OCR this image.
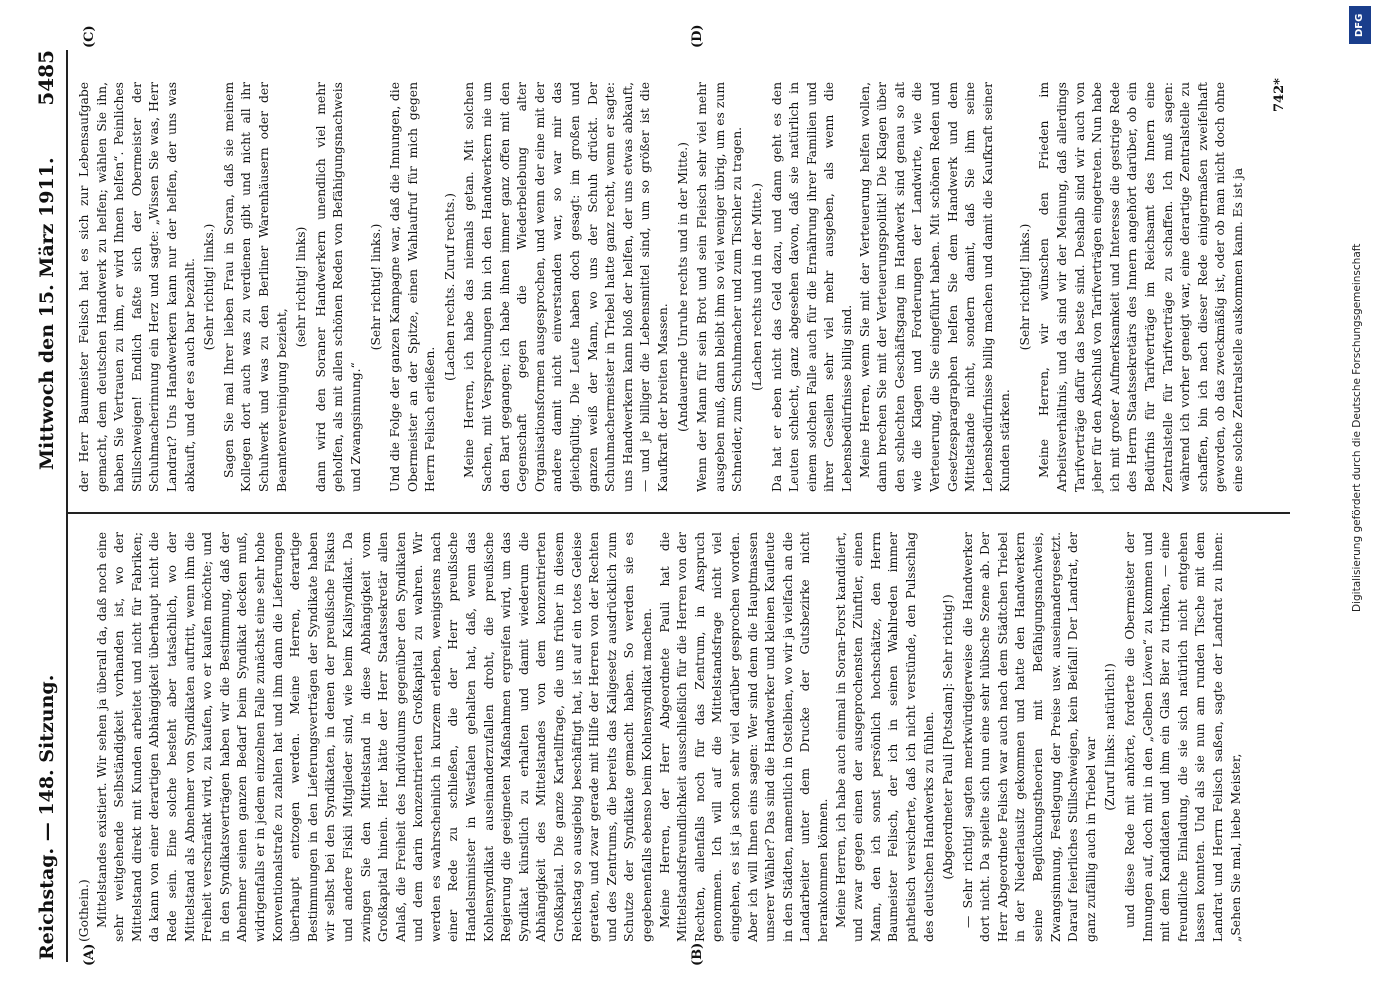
Reichstag. — 148. Sitzung.
Mittwoch den 15. März 1911.
5485
(A)	(B)
(C)	(D)

(Gothein.) Mittelstandes existiert. Wir sehen ja überall da, daß noch eine sehr weitgehende Selbständigkeit vorhanden ist, wo der Mittelstand direkt mit Kunden arbeitet und nicht für Fabriken; da kann von einer derartigen Abhängigkeit überhaupt nicht die Rede sein. Eine solche besteht aber tatsächlich, wo der Mittelstand als Abnehmer von Syndikaten auftritt, wenn ihm die Freiheit verschränkt wird, zu kaufen, wo er kaufen möchte; und in den Syndikatsverträgen haben wir die Bestimmung, daß der Abnehmer seinen ganzen Bedarf beim Syndikat decken muß, widrigenfalls er in jedem einzelnen Falle zunächst eine sehr hohe Konventionalstrafe zu zahlen hat und ihm dann die Lieferungen überhaupt entzogen werden. Meine Herren, derartige Bestimmungen in den Lieferungsverträgen der Syndikate haben wir selbst bei den Syndikaten, in denen der preußische Fiskus und andere Fiskii Mitglieder sind, wie beim Kalisyndikat. Da zwingen Sie den Mittelstand in diese Abhängigkeit vom Großkapital hinein. Hier hätte der Herr Staatssekretär allen Anlaß, die Freiheit des Individuums gegenüber den Syndikaten und dem darin konzentrierten Großkapital zu wahren. Wir werden es wahrscheinlich in kurzem erleben, wenigstens nach einer Rede zu schließen, die der Herr preußische Handelsminister in Westfalen gehalten hat, daß, wenn das Kohlensyndikat auseinanderzufallen droht, die preußische Regierung die geeigneten Maßnahmen ergreifen wird, um das Syndikat künstlich zu erhalten und damit wiederum die Abhängigkeit des Mittelstandes von dem konzentrierten Großkapital. Die ganze Kartellfrage, die uns früher in diesem Reichstag so ausgiebig beschäftigt hat, ist auf ein totes Geleise geraten, und zwar gerade mit Hilfe der Herren von der Rechten und des Zentrums, die bereits das Kaligesetz ausdrücklich zum Schutze der Syndikate gemacht haben. So werden sie es gegebenenfalls ebenso beim Kohlensyndikat machen. Meine Herren, der Herr Abgeordnete Pauli hat die Mittelstandsfreundlichkeit ausschließlich für die Herren von der Rechten, allenfalls noch für das Zentrum, in Anspruch genommen. Ich will auf die Mittelstandsfrage nicht viel eingehen, es ist ja schon sehr viel darüber gesprochen worden. Aber ich will Ihnen eins sagen: Wer sind denn die Hauptmassen unserer Wähler? Das sind die Handwerker und kleinen Kaufleute in den Städten, namentlich in Ostelbien, wo wir ja vielfach an die Landarbeiter unter dem Drucke der Gutsbezirke nicht herankommen können. Meine Herren, ich habe auch einmal in Soran-Forst kandidiert, und zwar gegen einen der ausgeprochensten Zünftler, einen Mann, den ich sonst persönlich hochschätze, den Herrn Baumeister Felisch, der ich in seinen Wahlreden immer pathetisch versicherte, daß ich nicht verstünde, den Pulsschlag des deutschen Handwerks zu fühlen. (Abgeordneter Pauli [Potsdam]: Sehr richtig!) — Sehr richtig! sagten merkwürdigerweise die Handwerker dort nicht. Da spielte sich nun eine sehr hübsche Szene ab. Der Herr Abgeordnete Felisch war auch nach dem Städtchen Triebel in der Niederlausitz gekommen und hatte den Handwerkern seine Beglückungstheorien mit Befähigungsnachweis, Zwangsinnung, Festlegung der Preise usw. auseinandergesetzt. Darauf feierliches Stillschweigen, kein Beifall! Der Landrat, der ganz zufällig auch in Triebel war (Zuruf links: natürlich!) und diese Rede mit anhörte, forderte die Obermeister der Innungen auf, doch mit in den „Gelben Löwen“ zu kommen und mit dem Kandidaten und ihm ein Glas Bier zu trinken, — eine freundliche Einladung, die sie sich natürlich nicht entgehen lassen konnten. Und als sie nun am runden Tische mit dem Landrat und Herrn Felisch saßen, sagte der Landrat zu ihnen: „Sehen Sie mal, liebe Meister,

der Herr Baumeister Felisch hat es sich zur Lebensaufgabe gemacht, dem deutschen Handwerk zu helfen; wählen Sie ihn, haben Sie Vertrauen zu ihm, er wird Ihnen helfen“. Peinliches Stillschweigen! Endlich faßte sich der Obermeister der Schuhmacherinnung ein Herz und sagte: „Wissen Sie was, Herr Landrat? Uns Handwerkern kann nur der helfen, der uns was abkauft, und der es auch bar bezahlt. (Sehr richtig! links.) Sagen Sie mal Ihrer lieben Frau in Soran, daß sie meinem Kollegen dort auch was zu verdienen gibt und nicht all ihr Schuhwerk und was zu den Berliner Warenhäusern oder der Beamtenvereinigung bezieht,

(sehr richtig! links) dann wird den Soraner Handwerkern unendlich viel mehr geholfen, als mit allen schönen Reden von Befähigungsnachweis und Zwangsinnung.“

(Sehr richtig! links.) Und die Folge der ganzen Kampagne war, daß die Innungen, die Obermeister an der Spitze, einen Wahlaufruf für mich gegen Herrn Felisch erließen.

(Lachen rechts. Zuruf rechts.) Meine Herren, ich habe das niemals getan. Mit solchen Sachen, mit Versprechungen bin ich den Handwerkern nie um den Bart gegangen; ich habe ihnen immer ganz offen mit den Gegenschaft gegen die Wiederbelebung alter Organisationsformen ausgesprochen, und wenn der eine mit der andere damit nicht einverstanden war, so war mir das gleichgültig. Die Leute haben doch gesagt: im großen und ganzen weiß der Mann, wo uns der Schuh drückt. Der Schuhmachermeister in Triebel hatte ganz recht, wenn er sagte: uns Handwerkern kann bloß der helfen, der uns etwas abkauft, — und je billiger die Lebensmittel sind, um so größer ist die Kaufkraft der breiten Massen. (Andauernde Unruhe rechts und in der Mitte.) Wenn der Mann für sein Brot und sein Fleisch sehr viel mehr ausgeben muß, dann bleibt ihm so viel weniger übrig, um es zum Schneider, zum Schuhmacher und zum Tischler zu tragen. (Lachen rechts und in der Mitte.) Da hat er eben nicht das Geld dazu, und dann geht es den Leuten schlecht, ganz abgesehen davon, daß sie natürlich in einem solchen Falle auch für die Ernährung ihrer Familien und ihrer Gesellen sehr viel mehr ausgeben, als wenn die Lebensbedürfnisse billig sind. Meine Herren, wenn Sie mit der Verteuerung helfen wollen, dann brechen Sie mit der Verteuerungspolitik! Die Klagen über den schlechten Geschäftsgang im Handwerk sind genau so alt wie die Klagen und Forderungen der Landwirte, wie die Verteuerung, die Sie eingeführt haben. Mit schönen Reden und Gesetzesparagraphen helfen Sie dem Handwerk und dem Mittelstande nicht, sondern damit, daß Sie ihm seine Lebensbedürfnisse billig machen und damit die Kaufkraft seiner Kunden stärken.

(Sehr richtig! links.) Meine Herren, wir wünschen den Frieden im Arbeitsverhältnis, und da sind wir der Meinung, daß allerdings Tarifverträge dafür das beste sind. Deshalb sind wir auch von jeher für den Abschluß von Tarifverträgen eingetreten. Nun habe ich mit großer Aufmerksamkeit und Interesse die gestrige Rede des Herrn Staatssekretärs des Innern angehört darüber, ob ein Bedürfnis für Tarifverträge im Reichsamt des Innern eine Zentralstelle für Tarifverträge zu schaffen. Ich muß sagen: während ich vorher geneigt war, eine derartige Zentralstelle zu schaffen, bin ich nach dieser Rede einigermaßen zweifelhaft geworden, ob das zweckmäßig ist, oder ob man nicht doch ohne eine solche Zentralstelle auskommen kann. Es ist ja

742*
DFG
Digitalisierung gefördert durch die Deutsche Forschungsgemeinschaft
